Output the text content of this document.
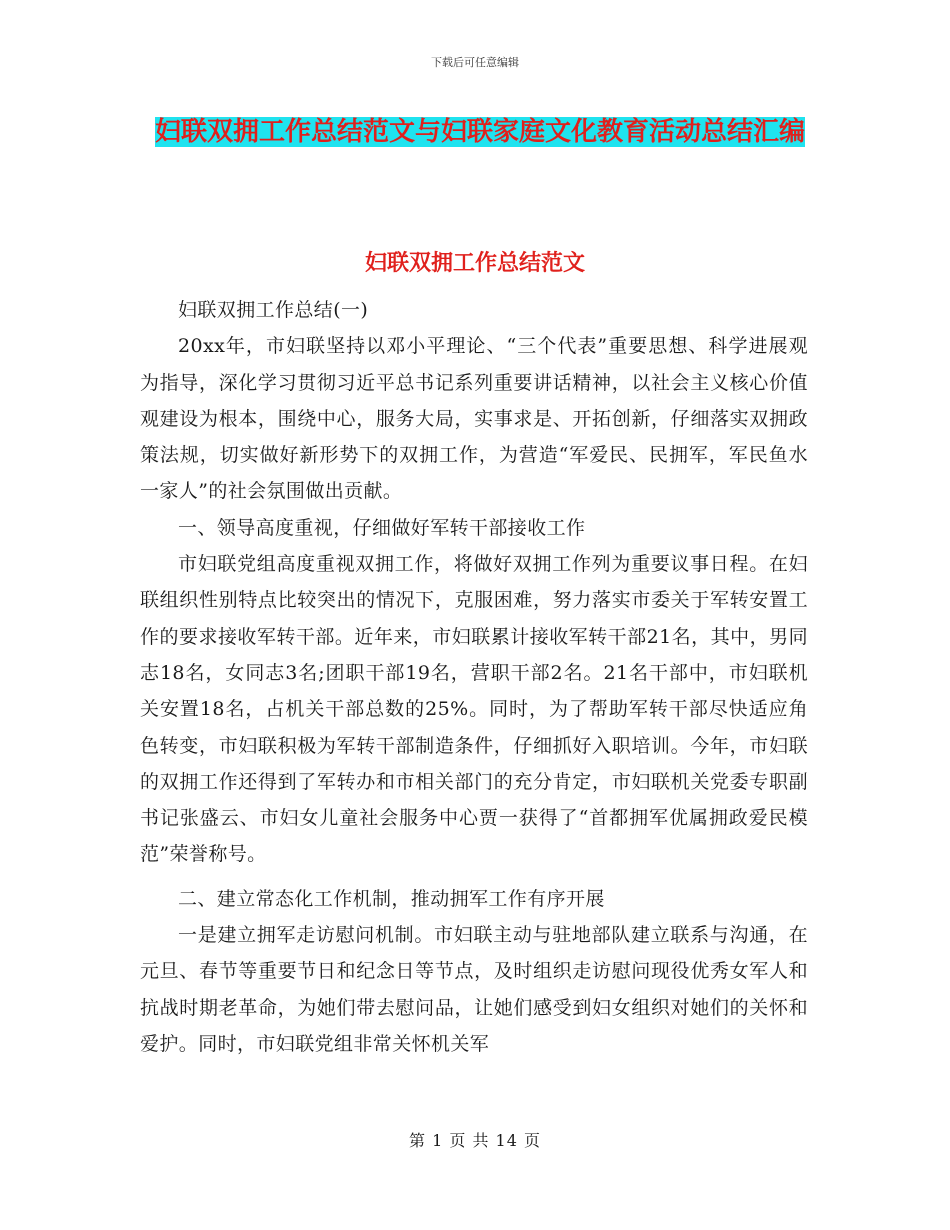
下载后可任意编辑
妇联双拥工作总结范文与妇联家庭文化教育活动总结汇编
妇联双拥工作总结范文

妇联双拥工作总结(一)

20xx年，市妇联坚持以邓小平理论、“三个代表”重要思想、科学进展观为指导，深化学习贯彻习近平总书记系列重要讲话精神，以社会主义核心价值观建设为根本，围绕中心，服务大局，实事求是、开拓创新，仔细落实双拥政策法规，切实做好新形势下的双拥工作，为营造“军爱民、民拥军，军民鱼水一家人”的社会氛围做出贡献。

一、领导高度重视，仔细做好军转干部接收工作

市妇联党组高度重视双拥工作，将做好双拥工作列为重要议事日程。在妇联组织性别特点比较突出的情况下，克服困难，努力落实市委关于军转安置工作的要求接收军转干部。近年来，市妇联累计接收军转干部21名，其中，男同志18名，女同志3名;团职干部19名，营职干部2名。21名干部中，市妇联机关安置18名，占机关干部总数的25%。同时，为了帮助军转干部尽快适应角色转变，市妇联积极为军转干部制造条件，仔细抓好入职培训。今年，市妇联的双拥工作还得到了军转办和市相关部门的充分肯定，市妇联机关党委专职副书记张盛云、市妇女儿童社会服务中心贾一获得了“首都拥军优属拥政爱民模范”荣誉称号。

二、建立常态化工作机制，推动拥军工作有序开展

一是建立拥军走访慰问机制。市妇联主动与驻地部队建立联系与沟通，在元旦、春节等重要节日和纪念日等节点，及时组织走访慰问现役优秀女军人和抗战时期老革命，为她们带去慰问品，让她们感受到妇女组织对她们的关怀和爱护。同时，市妇联党组非常关怀机关军

第 1 页 共 14 页
